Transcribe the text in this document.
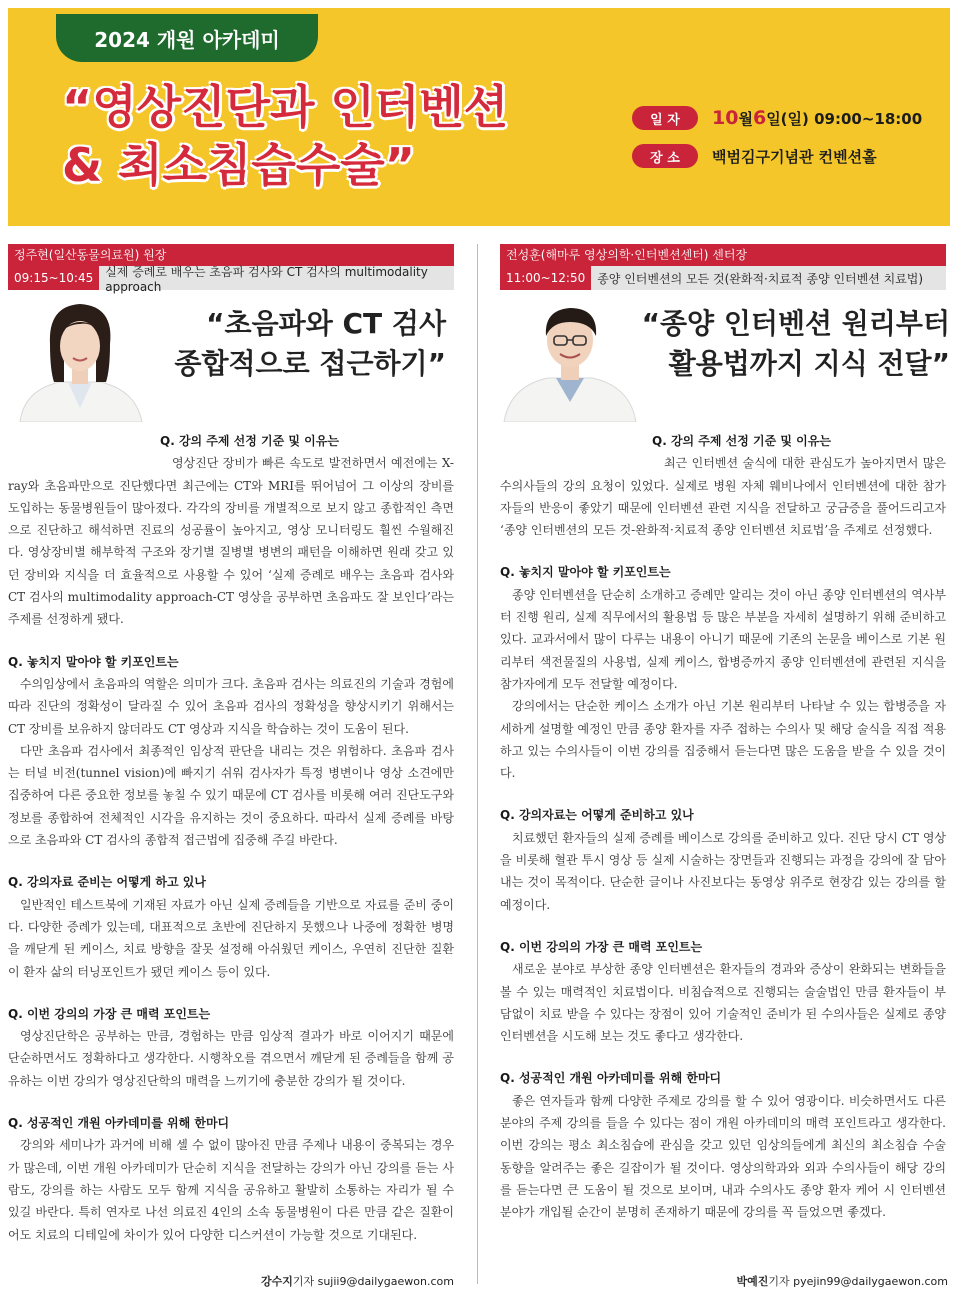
2024 개원 아카데미
“영상진단과 인터벤션
& 최소침습수술”
일 자	10 월 6 일(일) 09:00~18:00
장 소	백범김구기념관 컨벤션홀
정주현(일산동물의료원) 원장
09:15~10:45	실제 증례로 배우는 초음파 검사와 CT 검사의 multimodality approach
“초음파와 CT 검사
종합적으로 접근하기”
Q. 강의 주제 선정 기준 및 이유는

영상진단 장비가 빠른 속도로 발전하면서 예전에는 X-ray와 초음파만으로 진단했다면 최근에는 CT와 MRI를 뛰어넘어 그 이상의 장비를 도입하는 동물병원들이 많아졌다. 각각의 장비를 개별적으로 보지 않고 종합적인 측면으로 진단하고 해석하면 진료의 성공률이 높아지고, 영상 모니터링도 훨씬 수월해진다. 영상장비별 해부학적 구조와 장기별 질병별 병변의 패턴을 이해하면 원래 갖고 있던 장비와 지식을 더 효율적으로 사용할 수 있어 ‘실제 증례로 배우는 초음파 검사와 CT 검사의 multimodality approach-CT 영상을 공부하면 초음파도 잘 보인다’라는 주제를 선정하게 됐다.

Q. 놓치지 말아야 할 키포인트는

수의임상에서 초음파의 역할은 의미가 크다. 초음파 검사는 의료진의 기술과 경험에 따라 진단의 정확성이 달라질 수 있어 초음파 검사의 정확성을 향상시키기 위해서는 CT 장비를 보유하지 않더라도 CT 영상과 지식을 학습하는 것이 도움이 된다.

다만 초음파 검사에서 최종적인 임상적 판단을 내리는 것은 위험하다. 초음파 검사는 터널 비전(tunnel vision)에 빠지기 쉬워 검사자가 특정 병변이나 영상 소견에만 집중하여 다른 중요한 정보를 놓칠 수 있기 때문에 CT 검사를 비롯해 여러 진단도구와 정보를 종합하여 전체적인 시각을 유지하는 것이 중요하다. 따라서 실제 증례를 바탕으로 초음파와 CT 검사의 종합적 접근법에 집중해 주길 바란다.

Q. 강의자료 준비는 어떻게 하고 있나

일반적인 테스트북에 기재된 자료가 아닌 실제 증례들을 기반으로 자료를 준비 중이다. 다양한 증례가 있는데, 대표적으로 초반에 진단하지 못했으나 나중에 정확한 병명을 깨닫게 된 케이스, 치료 방향을 잘못 설정해 아쉬웠던 케이스, 우연히 진단한 질환이 환자 삶의 터닝포인트가 됐던 케이스 등이 있다.

Q. 이번 강의의 가장 큰 매력 포인트는

영상진단학은 공부하는 만큼, 경험하는 만큼 임상적 결과가 바로 이어지기 때문에 단순하면서도 정확하다고 생각한다. 시행착오를 겪으면서 깨닫게 된 증례들을 함께 공유하는 이번 강의가 영상진단학의 매력을 느끼기에 충분한 강의가 될 것이다.

Q. 성공적인 개원 아카데미를 위해 한마디

강의와 세미나가 과거에 비해 셀 수 없이 많아진 만큼 주제나 내용이 중복되는 경우가 많은데, 이번 개원 아카데미가 단순히 지식을 전달하는 강의가 아닌 강의를 듣는 사람도, 강의를 하는 사람도 모두 함께 지식을 공유하고 활발히 소통하는 자리가 될 수 있길 바란다. 특히 연자로 나선 의료진 4인의 소속 동물병원이 다른 만큼 같은 질환이어도 치료의 디테일에 차이가 있어 다양한 디스커션이 가능할 것으로 기대된다.

강수지기자 sujii9@dailygaewon.com
전성훈(해마루 영상의학·인터벤션센터) 센터장
11:00~12:50	종양 인터벤션의 모든 것(완화적·치료적 종양 인터벤션 치료법)
“종양 인터벤션 원리부터
활용법까지 지식 전달”
Q. 강의 주제 선정 기준 및 이유는

최근 인터벤션 술식에 대한 관심도가 높아지면서 많은 수의사들의 강의 요청이 있었다. 실제로 병원 자체 웨비나에서 인터벤션에 대한 참가자들의 반응이 좋았기 때문에 인터벤션 관련 지식을 전달하고 궁금증을 풀어드리고자 ‘종양 인터벤션의 모든 것-완화적·치료적 종양 인터벤션 치료법’을 주제로 선정했다.

Q. 놓치지 말아야 할 키포인트는

종양 인터벤션을 단순히 소개하고 증례만 알리는 것이 아닌 종양 인터벤션의 역사부터 진행 원리, 실제 직무에서의 활용법 등 많은 부분을 자세히 설명하기 위해 준비하고 있다. 교과서에서 많이 다루는 내용이 아니기 때문에 기존의 논문을 베이스로 기본 원리부터 색전물질의 사용법, 실제 케이스, 합병증까지 종양 인터벤션에 관련된 지식을 참가자에게 모두 전달할 예정이다.

강의에서는 단순한 케이스 소개가 아닌 기본 원리부터 나타날 수 있는 합병증을 자세하게 설명할 예정인 만큼 종양 환자를 자주 접하는 수의사 및 해당 술식을 직접 적용하고 있는 수의사들이 이번 강의를 집중해서 듣는다면 많은 도움을 받을 수 있을 것이다.

Q. 강의자료는 어떻게 준비하고 있나

치료했던 환자들의 실제 증례를 베이스로 강의를 준비하고 있다. 진단 당시 CT 영상을 비롯해 혈관 투시 영상 등 실제 시술하는 장면들과 진행되는 과정을 강의에 잘 담아내는 것이 목적이다. 단순한 글이나 사진보다는 동영상 위주로 현장감 있는 강의를 할 예정이다.

Q. 이번 강의의 가장 큰 매력 포인트는

새로운 분야로 부상한 종양 인터벤션은 환자들의 경과와 증상이 완화되는 변화들을 볼 수 있는 매력적인 치료법이다. 비침습적으로 진행되는 술술법인 만큼 환자들이 부담없이 치료 받을 수 있다는 장점이 있어 기술적인 준비가 된 수의사들은 실제로 종양 인터벤션을 시도해 보는 것도 좋다고 생각한다.

Q. 성공적인 개원 아카데미를 위해 한마디

좋은 연자들과 함께 다양한 주제로 강의를 할 수 있어 영광이다. 비슷하면서도 다른 분야의 주제 강의를 들을 수 있다는 점이 개원 아카데미의 매력 포인트라고 생각한다. 이번 강의는 평소 최소침습에 관심을 갖고 있던 임상의들에게 최신의 최소침습 수술 동향을 알려주는 좋은 길잡이가 될 것이다. 영상의학과와 외과 수의사들이 해당 강의를 듣는다면 큰 도움이 될 것으로 보이며, 내과 수의사도 종양 환자 케어 시 인터벤션 분야가 개입될 순간이 분명히 존재하기 때문에 강의를 꼭 들었으면 좋겠다.

박예진기자 pyejin99@dailygaewon.com
